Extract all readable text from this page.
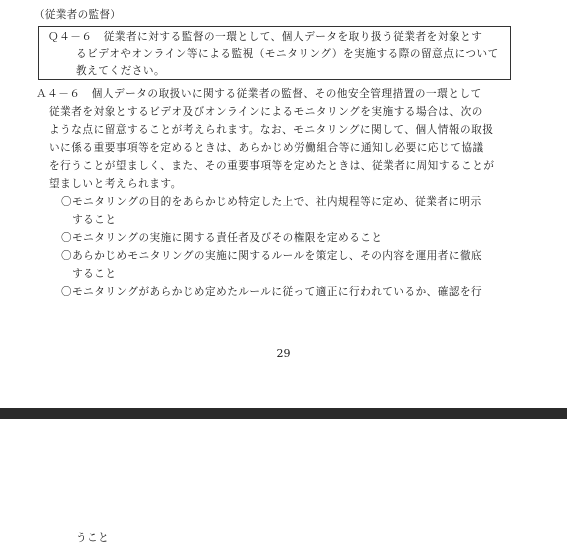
（従業者の監督）
Ｑ４－６　従業者に対する監督の一環として、個人データを取り扱う従業者を対象とす
るビデオやオンライン等による監視（モニタリング）を実施する際の留意点について
教えてください。
Ａ４－６　個人データの取扱いに関する従業者の監督、その他安全管理措置の一環として
従業者を対象とするビデオ及びオンラインによるモニタリングを実施する場合は、次の
ような点に留意することが考えられます。なお、モニタリングに関して、個人情報の取扱
いに係る重要事項等を定めるときは、あらかじめ労働組合等に通知し必要に応じて協議
を行うことが望ましく、また、その重要事項等を定めたときは、従業者に周知することが
望ましいと考えられます。
〇モニタリングの目的をあらかじめ特定した上で、社内規程等に定め、従業者に明示
　すること
〇モニタリングの実施に関する責任者及びその権限を定めること
〇あらかじめモニタリングの実施に関するルールを策定し、その内容を運用者に徹底
　すること
〇モニタリングがあらかじめ定めたルールに従って適正に行われているか、確認を行
29
うこと
